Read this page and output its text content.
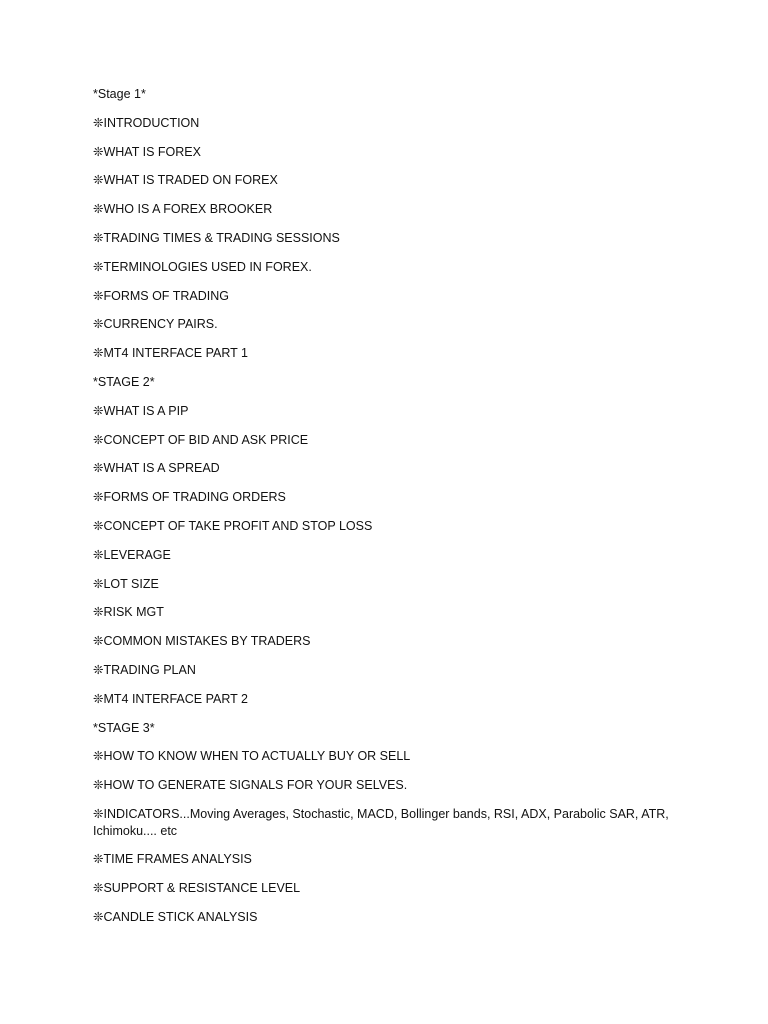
*Stage 1*

❊INTRODUCTION

❊WHAT IS FOREX

❊WHAT IS TRADED ON FOREX

❊WHO IS A FOREX BROOKER

❊TRADING TIMES & TRADING SESSIONS

❊TERMINOLOGIES USED IN FOREX.

❊FORMS OF TRADING

❊CURRENCY PAIRS.

❊MT4 INTERFACE PART 1

*STAGE 2*

❊WHAT IS A PIP

❊CONCEPT OF BID AND ASK PRICE

❊WHAT IS A SPREAD

❊FORMS OF TRADING ORDERS

❊CONCEPT OF TAKE PROFIT AND STOP LOSS

❊LEVERAGE

❊LOT SIZE

❊RISK MGT

❊COMMON MISTAKES BY TRADERS

❊TRADING PLAN

❊MT4 INTERFACE PART 2

*STAGE 3*

❊HOW TO KNOW WHEN TO ACTUALLY BUY OR SELL

❊HOW TO GENERATE SIGNALS FOR YOUR SELVES.

❊INDICATORS...Moving Averages, Stochastic, MACD, Bollinger bands, RSI, ADX, Parabolic SAR, ATR, Ichimoku.... etc

❊TIME FRAMES ANALYSIS

❊SUPPORT & RESISTANCE LEVEL

❊CANDLE STICK ANALYSIS
